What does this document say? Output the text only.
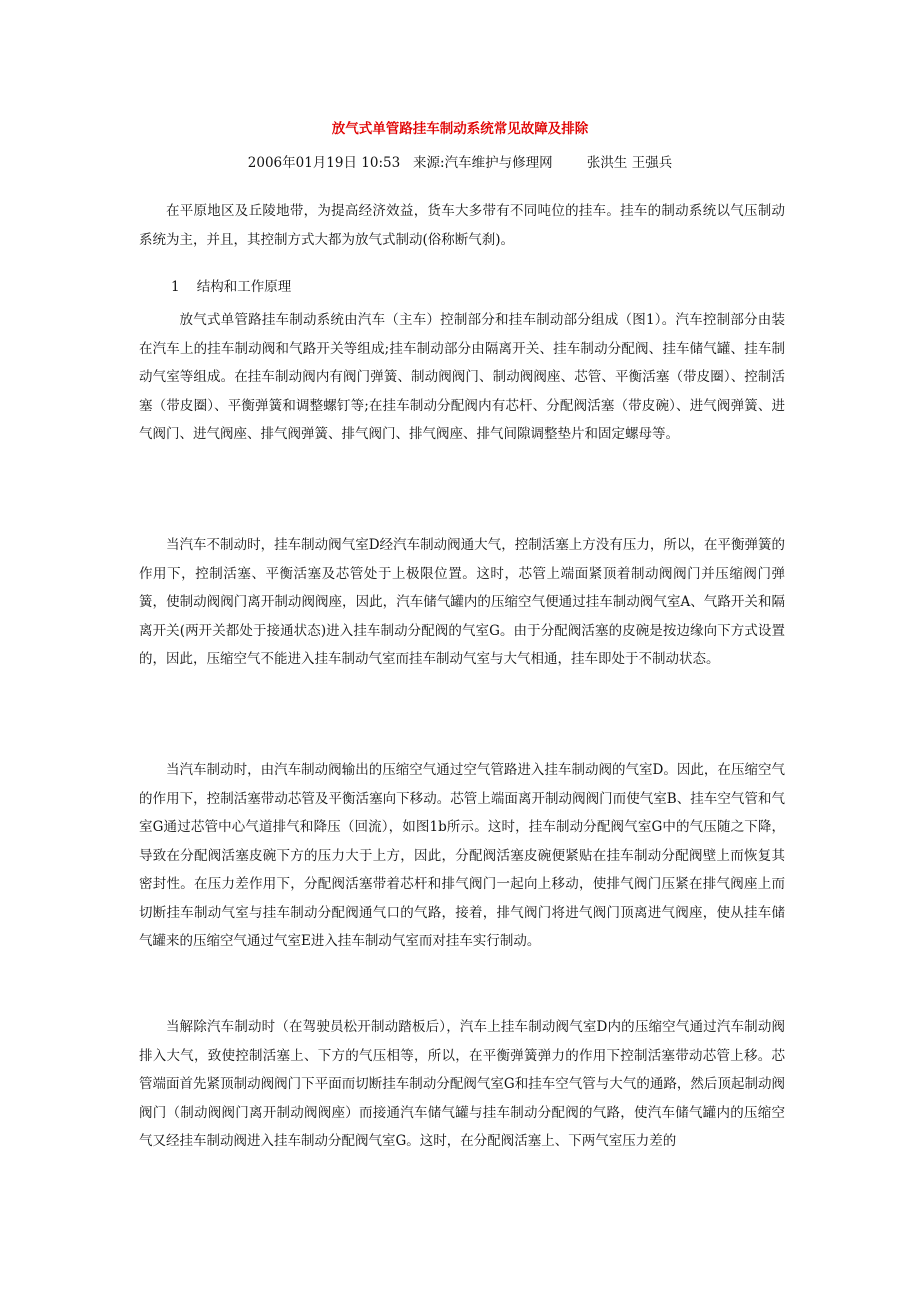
放气式单管路挂车制动系统常见故障及排除
2006年01月19日 10:53   来源:汽车维护与修理网        张洪生 王强兵

在平原地区及丘陵地带，为提高经济效益，货车大多带有不同吨位的挂车。挂车的制动系统以气压制动系统为主，并且，其控制方式大都为放气式制动(俗称断气刹)。

1    结构和工作原理

放气式单管路挂车制动系统由汽车（主车）控制部分和挂车制动部分组成（图1）。汽车控制部分由装在汽车上的挂车制动阀和气路开关等组成;挂车制动部分由隔离开关、挂车制动分配阀、挂车储气罐、挂车制动气室等组成。在挂车制动阀内有阀门弹簧、制动阀阀门、制动阀阀座、芯管、平衡活塞（带皮圈）、控制活塞（带皮圈）、平衡弹簧和调整螺钉等;在挂车制动分配阀内有芯杆、分配阀活塞（带皮碗）、进气阀弹簧、进气阀门、进气阀座、排气阀弹簧、排气阀门、排气阀座、排气间隙调整垫片和固定螺母等。

当汽车不制动时，挂车制动阀气室D经汽车制动阀通大气，控制活塞上方没有压力，所以，在平衡弹簧的作用下，控制活塞、平衡活塞及芯管处于上极限位置。这时，芯管上端面紧顶着制动阀阀门并压缩阀门弹簧，使制动阀阀门离开制动阀阀座，因此，汽车储气罐内的压缩空气便通过挂车制动阀气室A、气路开关和隔离开关(两开关都处于接通状态)进入挂车制动分配阀的气室G。由于分配阀活塞的皮碗是按边缘向下方式设置的，因此，压缩空气不能进入挂车制动气室而挂车制动气室与大气相通，挂车即处于不制动状态。

当汽车制动时，由汽车制动阀输出的压缩空气通过空气管路进入挂车制动阀的气室D。因此，在压缩空气的作用下，控制活塞带动芯管及平衡活塞向下移动。芯管上端面离开制动阀阀门而使气室B、挂车空气管和气室G通过芯管中心气道排气和降压（回流），如图1b所示。这时，挂车制动分配阀气室G中的气压随之下降，导致在分配阀活塞皮碗下方的压力大于上方，因此，分配阀活塞皮碗便紧贴在挂车制动分配阀壁上而恢复其密封性。在压力差作用下，分配阀活塞带着芯杆和排气阀门一起向上移动，使排气阀门压紧在排气阀座上而切断挂车制动气室与挂车制动分配阀通气口的气路，接着，排气阀门将进气阀门顶离进气阀座，使从挂车储气罐来的压缩空气通过气室E进入挂车制动气室而对挂车实行制动。

当解除汽车制动时（在驾驶员松开制动踏板后），汽车上挂车制动阀气室D内的压缩空气通过汽车制动阀排入大气，致使控制活塞上、下方的气压相等，所以，在平衡弹簧弹力的作用下控制活塞带动芯管上移。芯管端面首先紧顶制动阀阀门下平面而切断挂车制动分配阀气室G和挂车空气管与大气的通路，然后顶起制动阀阀门（制动阀阀门离开制动阀阀座）而接通汽车储气罐与挂车制动分配阀的气路，使汽车储气罐内的压缩空气又经挂车制动阀进入挂车制动分配阀气室G。这时，在分配阀活塞上、下两气室压力差的
